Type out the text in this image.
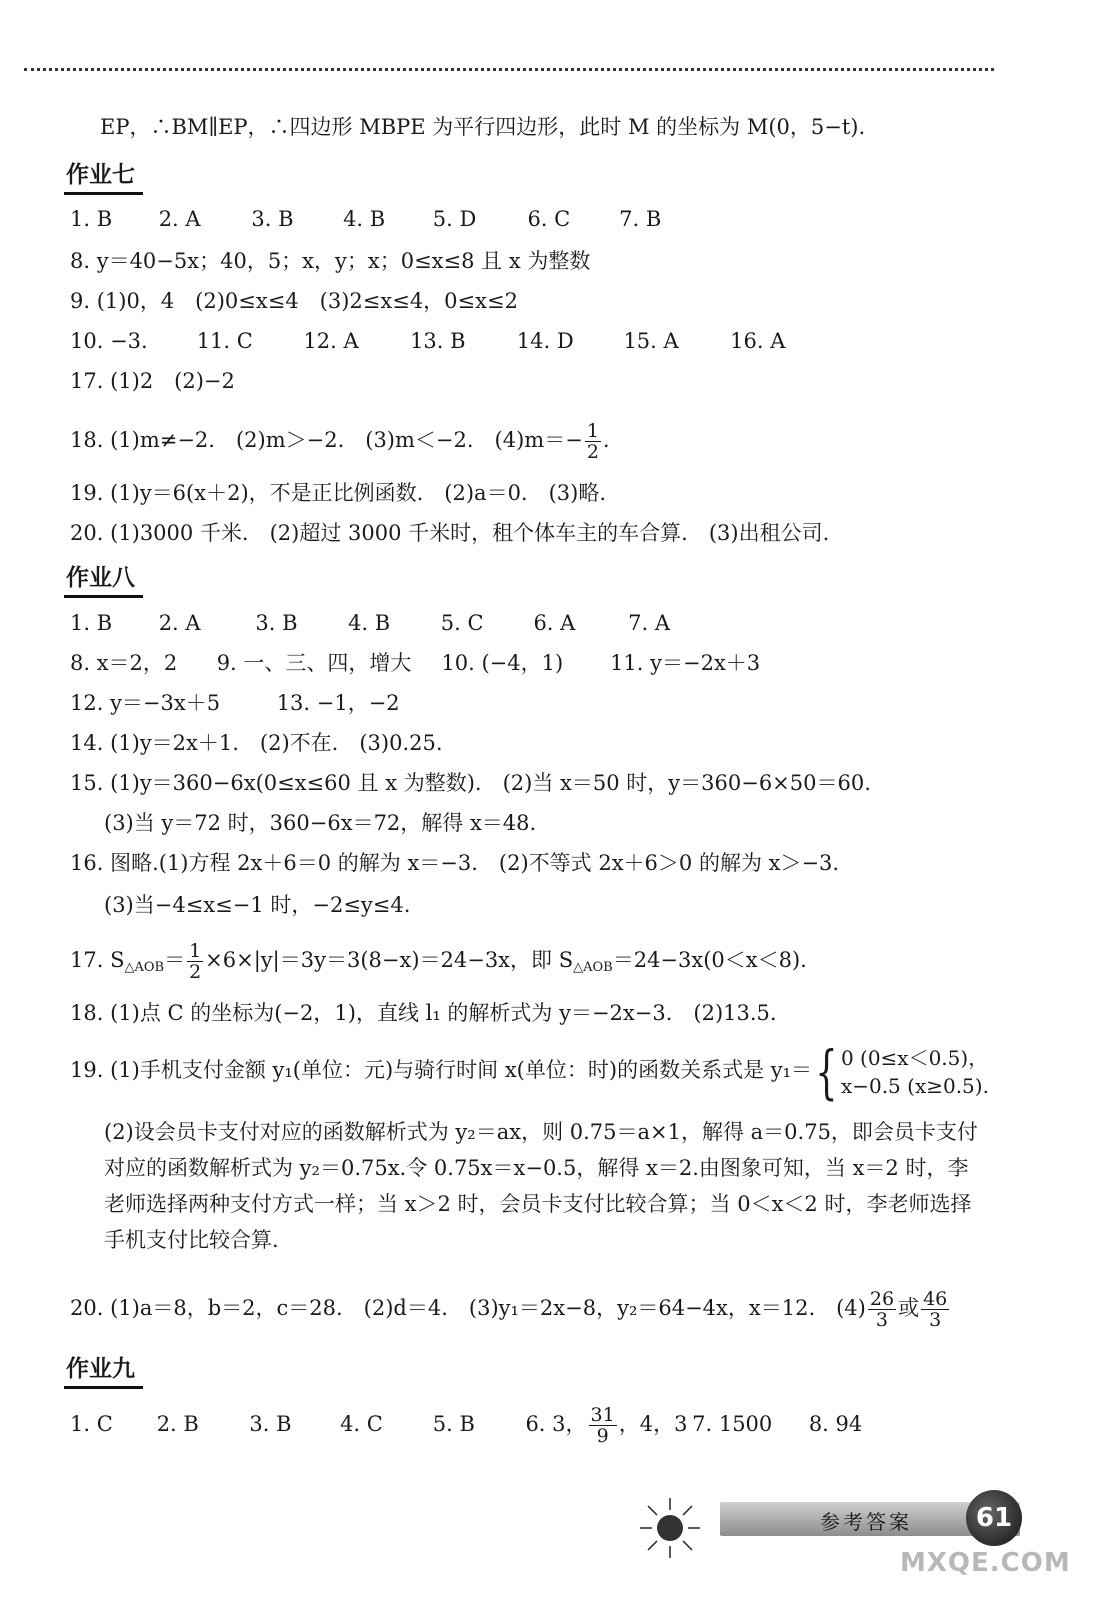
EP，∴BM∥EP，∴四边形 MBPE 为平行四边形，此时 M 的坐标为 M(0，5−t).
作业七
1. B 2. A 3. B 4. B 5. D 6. C 7. B
8. y＝40−5x；40，5；x，y；x；0≤x≤8 且 x 为整数
9. (1)0，4　(2)0≤x≤4　(3)2≤x≤4，0≤x≤2
10. −3. 11. C 12. A 13. B 14. D 15. A 16. A
17. (1)2　(2)−2
18. (1)m≠−2.　(2)m＞−2.　(3)m＜−2.　$(4)m=- \frac{1}{2}$ .
19. (1)y＝6(x＋2)，不是正比例函数.　(2)a＝0.　(3)略.
20. (1)3000 千米.　(2)超过 3000 千米时，租个体车主的车合算.　(3)出租公司.
作业八
1. B 2. A	3. B 4. B 5. C 6. A	7. A
8. x＝2，2 9. 一、三、四，增大 10. (−4，1) 11. y＝−2x＋3
12. y＝−3x＋5	13. −1，−2
14. (1)y＝2x＋1.　(2)不在.　(3)0.25.
15. (1)y＝360−6x(0≤x≤60 且 x 为整数).　(2)当 x＝50 时，y＝360−6×50＝60.
(3)当 y＝72 时，360−6x＝72，解得 x＝48.
16. 图略.(1)方程 2x＋6＝0 的解为 x＝−3.　(2)不等式 2x＋6＞0 的解为 x＞−3.
(3)当−4≤x≤−1 时，−2≤y≤4.
17. $S_{\triangle AOB}= \frac{1}{2} \times 6\times|y|=3y=3(8-x)=24-3x$，即 $S_{\triangle AOB}=24-3x(0<x<8)$.
18. (1)点 C 的坐标为(−2，1)，直线 l₁ 的解析式为 y＝−2x−3.　(2)13.5.
19. (1)手机支付金额 y₁(单位：元)与骑行时间 x(单位：时)的函数关系式是 y₁＝ { 0 (0≤x＜0.5)，
x−0.5 (x≥0.5).
(2)设会员卡支付对应的函数解析式为 y₂＝ax，则 0.75＝a×1，解得 a＝0.75，即会员卡支付对应的函数解析式为 y₂＝0.75x.令 0.75x＝x−0.5，解得 x＝2.由图象可知，当 x＝2 时，李老师选择两种支付方式一样；当 x＞2 时，会员卡支付比较合算；当 0＜x＜2 时，李老师选择手机支付比较合算.
20. (1)a＝8，b＝2，c＝28.　(2)d＝4.　(3)y₁＝2x−8，y₂＝64−4x，x＝12.　$(4) \frac{26}{3}$ 或 $\frac{46}{3}$
作业九
1. C 2. B 3. B 4. C 5. B 6. 3， $\frac{31}{9}$ ，4，3 7. 1500 8. 94
参考答案	61
MXQE.COM
